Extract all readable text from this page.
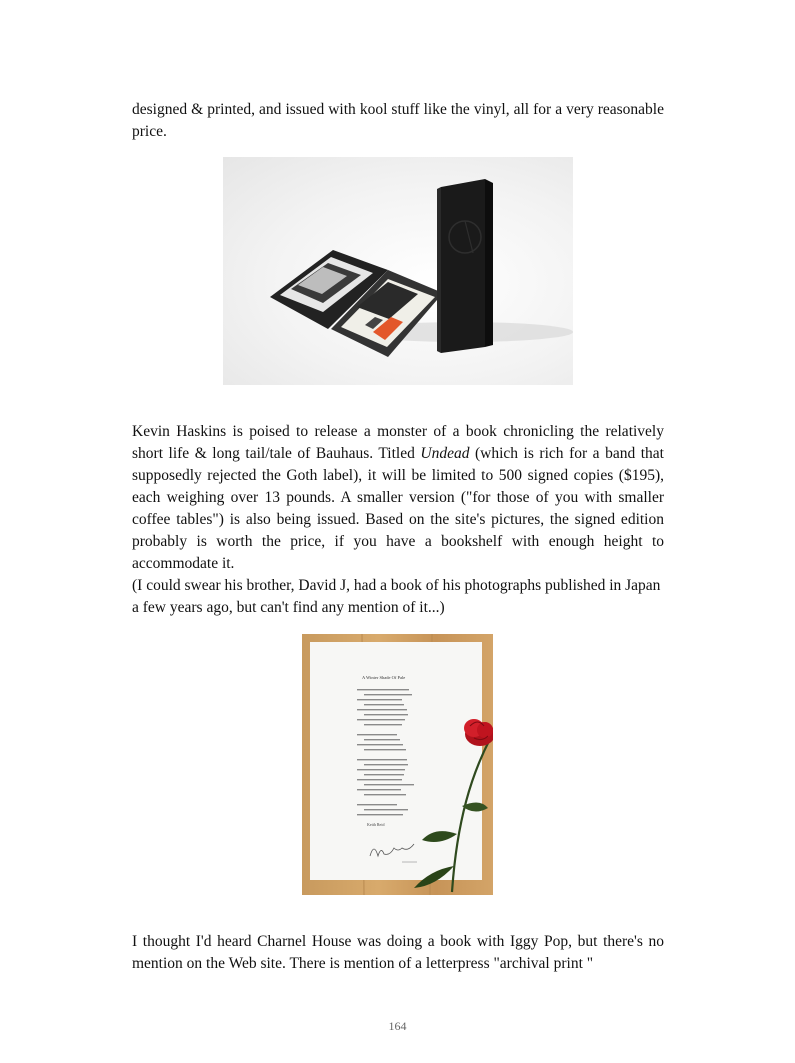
designed & printed, and issued with kool stuff like the vinyl, all for a very reasonable price.

Kevin Haskins is poised to release a monster of a book chronicling the relatively short life & long tail/tale of Bauhaus. Titled Undead (which is rich for a band that supposedly rejected the Goth label), it will be limited to 500 signed copies ($195), each weighing over 13 pounds. A smaller version ("for those of you with smaller coffee tables") is also being issued. Based on the site's pictures, the signed edition probably is worth the price, if you have a bookshelf with enough height to accommodate it.

(I could swear his brother, David J, had a book of his photographs published in Japan a few years ago, but can't find any mention of it...)

A Winter Shade Of Pale
Keith Reid

I thought I'd heard Charnel House was doing a book with Iggy Pop, but there's no mention on the Web site. There is mention of a letterpress "archival print "

164
